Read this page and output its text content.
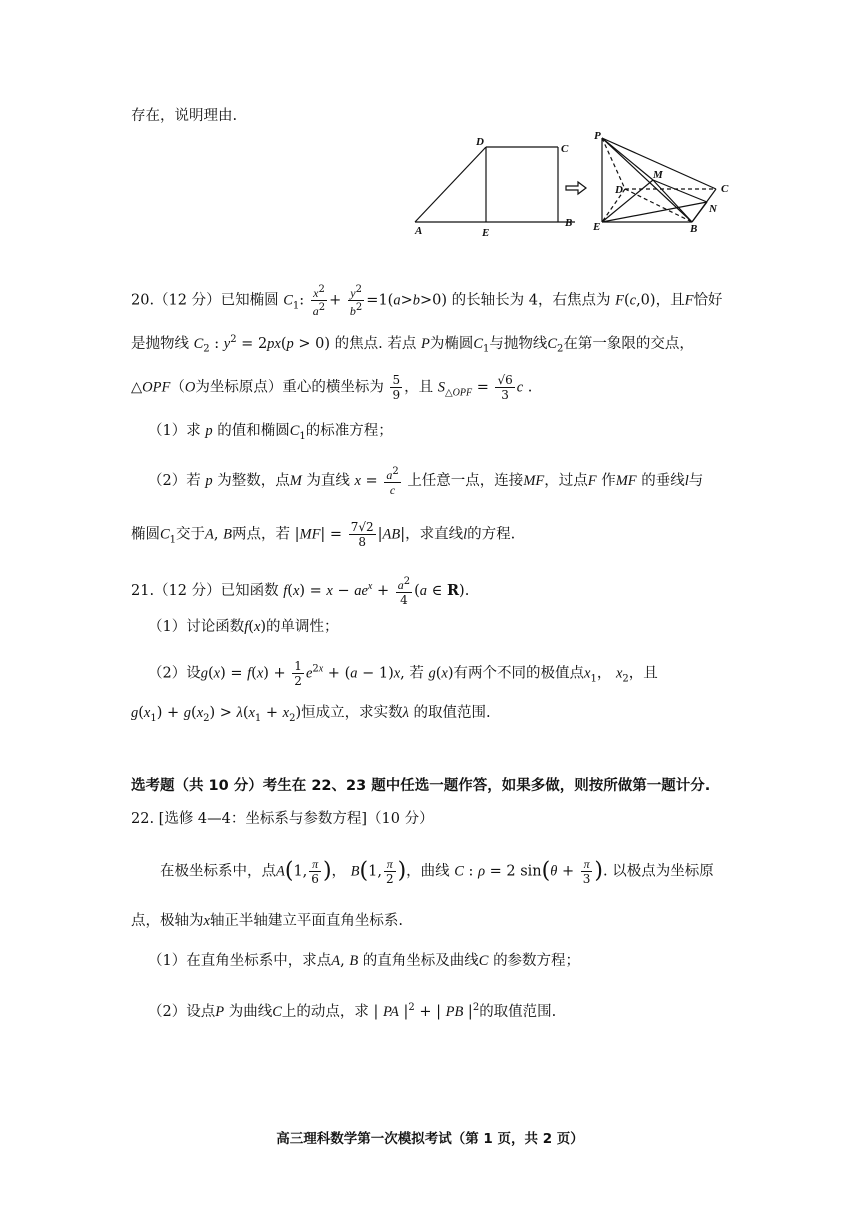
存在，说明理由.
A	E
B
C
D	P
M
D	C
N
E	B
20.（12 分）已知椭圆 $C_1$: $\frac{x^2}{a^2} + \frac{y^2}{b^2} =1(a>b>0)$ 的长轴长为 4，右焦点为 F(c,0)，且F恰好
是抛物线 $C_2$ : $y^2 = 2px(p > 0)$ 的焦点. 若点 P为椭圆$C_1$与抛物线$C_2$在第一象限的交点，
△OPF（O为坐标原点）重心的横坐标为 $\frac{5}{9}$ ，且 $S_{\triangle OPF} = \frac{√6}{3}$ c .
（1）求 p 的值和椭圆$C_1$的标准方程；
（2）若 p 为整数，点M 为直线 $x = \frac{a^2}{c}$ 上任意一点，连接MF，过点F 作MF 的垂线l与
椭圆$C_1$交于A, B两点，若 $|MF| = \frac{7√2}{8} |AB|$，求直线l的方程.
21.（12 分）已知函数 $f(x) = x - ae^x + \frac{a^2}{4} (a$ ∈ R).
（1）讨论函数f(x)的单调性；
（2）设$g(x) = f(x) + \frac{1}{2} e^{2x} + (a - 1)x$, 若 g(x)有两个不同的极值点$x_1$， $x_2$，且
$g(x_1) + g(x_2) > \lambda(x_1 + x_2)$恒成立，求实数λ 的取值范围.
选考题（共 10 分）考生在 22、23 题中任选一题作答，如果多做，则按所做第一题计分.
22. [选修 4—4：坐标系与参数方程]（10 分）
在极坐标系中，点A(1, $\frac{\pi}{6}$ )， B(1, $\frac{\pi}{2}$ )，曲线 C : ρ = 2 $\sin(\theta + \frac{\pi}{3}$ ). 以极点为坐标原
点，极轴为x轴正半轴建立平面直角坐标系.
（1）在直角坐标系中，求点A, B 的直角坐标及曲线C 的参数方程；
（2）设点P 为曲线C上的动点，求 | PA $|^2$ + | PB $|^2$的取值范围.
高三理科数学第一次模拟考试（第 1 页，共 2 页）
